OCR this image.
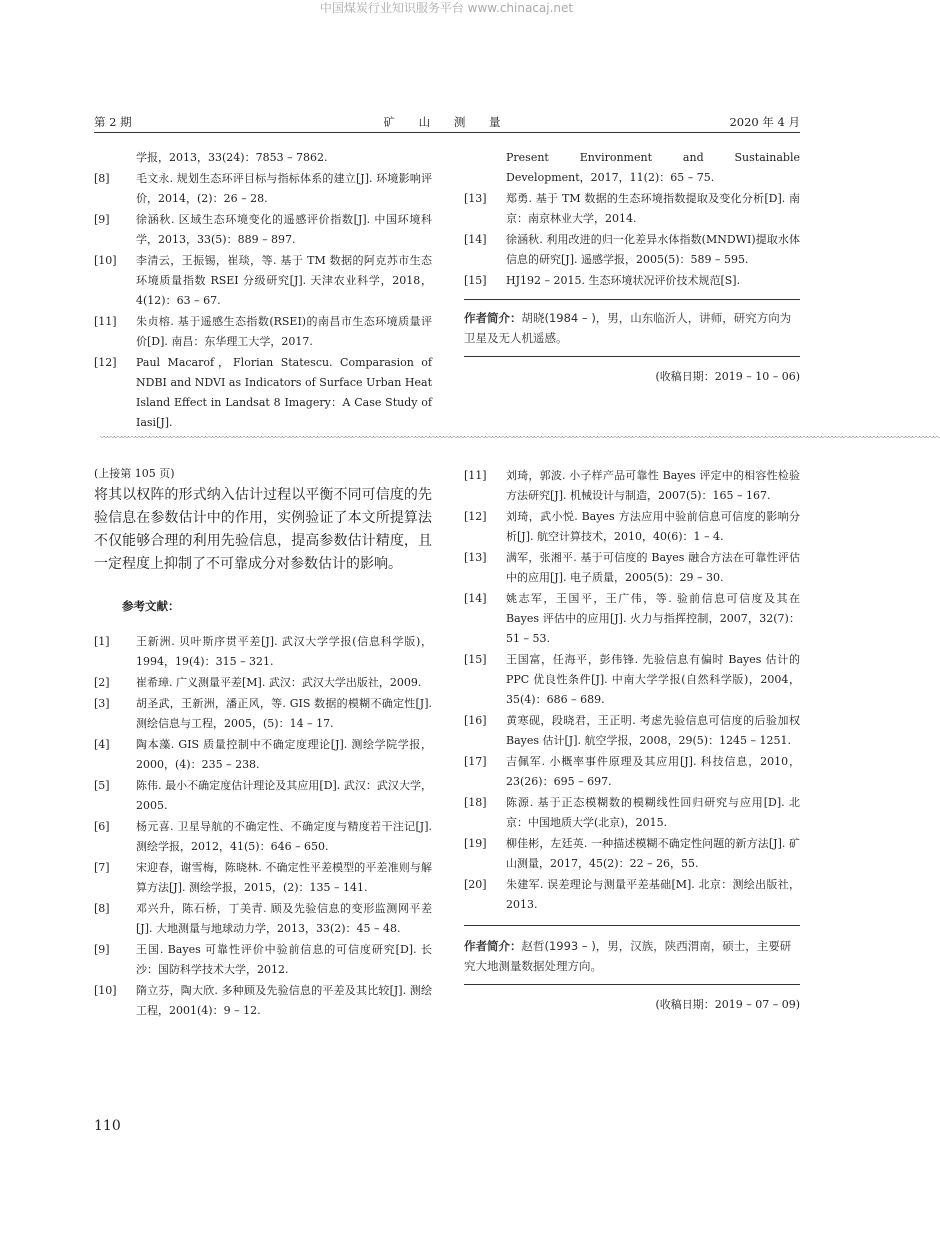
中国煤炭行业知识服务平台 www.chinacaj.net
第 2 期	矿 山 测 量	2020 年 4 月
学报，2013，33(24)：7853 – 7862.
[8] 毛文永. 规划生态环评目标与指标体系的建立[J]. 环境影响评价，2014，(2)：26 – 28.
[9] 徐涵秋. 区域生态环境变化的遥感评价指数[J]. 中国环境科学，2013，33(5)：889 – 897.
[10] 李清云，王振锡，崔琰，等. 基于 TM 数据的阿克苏市生态环境质量指数 RSEI 分级研究[J]. 天津农业科学，2018，4(12)：63 – 67.
[11] 朱贞榕. 基于遥感生态指数(RSEI)的南昌市生态环境质量评价[D]. 南昌：东华理工大学，2017.
[12] Paul Macarof，Florian Statescu. Comparasion of NDBI and NDVI as Indicators of Surface Urban Heat Island Effect in Landsat 8 Imagery：A Case Study of Iasi[J].
Present Environment and Sustainable Development，2017，11(2)：65 – 75.
[13] 郑勇. 基于 TM 数据的生态环境指数提取及变化分析[D]. 南京：南京林业大学，2014.
[14] 徐涵秋. 利用改进的归一化差异水体指数(MNDWI)提取水体信息的研究[J]. 遥感学报，2005(5)：589 – 595.
[15] HJ192 – 2015. 生态环境状况评价技术规范[S].
作者简介：胡晓(1984 – )，男，山东临沂人，讲师，研究方向为卫星及无人机遥感。
(收稿日期：2019 – 10 – 06)
〰〰〰〰〰〰〰〰〰〰〰〰〰〰〰〰〰〰〰〰〰〰〰〰〰〰〰〰〰〰〰〰〰〰〰〰〰〰〰〰〰〰〰〰〰〰〰〰〰〰〰〰〰〰〰〰〰〰〰〰〰〰〰〰〰〰〰〰〰〰〰〰〰〰〰〰〰〰〰〰〰〰〰〰〰〰〰〰〰〰〰〰〰〰〰〰〰〰〰〰〰〰〰〰〰〰〰〰〰〰〰〰〰〰〰〰〰〰〰〰
(上接第 105 页)
将其以权阵的形式纳入估计过程以平衡不同可信度的先验信息在参数估计中的作用，实例验证了本文所提算法不仅能够合理的利用先验信息，提高参数估计精度，且一定程度上抑制了不可靠成分对参数估计的影响。
参考文献：
[1] 王新洲. 贝叶斯序贯平差[J]. 武汉大学学报(信息科学版)，1994，19(4)：315 – 321.
[2] 崔希璋. 广义测量平差[M]. 武汉：武汉大学出版社，2009.
[3] 胡圣武，王新洲，潘正风，等. GIS 数据的模糊不确定性[J]. 测绘信息与工程，2005，(5)：14 – 17.
[4] 陶本藻. GIS 质量控制中不确定度理论[J]. 测绘学院学报，2000，(4)：235 – 238.
[5] 陈伟. 最小不确定度估计理论及其应用[D]. 武汉：武汉大学，2005.
[6] 杨元喜. 卫星导航的不确定性、不确定度与精度若干注记[J]. 测绘学报，2012，41(5)：646 – 650.
[7] 宋迎春，谢雪梅，陈晓林. 不确定性平差模型的平差准则与解算方法[J]. 测绘学报，2015，(2)：135 – 141.
[8] 邓兴升，陈石桥，丁美青. 顾及先验信息的变形监测网平差[J]. 大地测量与地球动力学，2013，33(2)：45 – 48.
[9] 王国. Bayes 可靠性评价中验前信息的可信度研究[D]. 长沙：国防科学技术大学，2012.
[10] 隋立芬，陶大欣. 多种顾及先验信息的平差及其比较[J]. 测绘工程，2001(4)：9 – 12.
[11] 刘琦，郭波. 小子样产品可靠性 Bayes 评定中的相容性检验方法研究[J]. 机械设计与制造，2007(5)：165 – 167.
[12] 刘琦，武小悦. Bayes 方法应用中验前信息可信度的影响分析[J]. 航空计算技术，2010，40(6)：1 – 4.
[13] 满军，张湘平. 基于可信度的 Bayes 融合方法在可靠性评估中的应用[J]. 电子质量，2005(5)：29 – 30.
[14] 姚志军，王国平，王广伟，等. 验前信息可信度及其在 Bayes 评估中的应用[J]. 火力与指挥控制，2007，32(7)：51 – 53.
[15] 王国富，任海平，彭伟锋. 先验信息有偏时 Bayes 估计的 PPC 优良性条件[J]. 中南大学学报(自然科学版)，2004，35(4)：686 – 689.
[16] 黄寒砚，段晓君，王正明. 考虑先验信息可信度的后验加权 Bayes 估计[J]. 航空学报，2008，29(5)：1245 – 1251.
[17] 吉佩军. 小概率事件原理及其应用[J]. 科技信息，2010，23(26)：695 – 697.
[18] 陈源. 基于正态模糊数的模糊线性回归研究与应用[D]. 北京：中国地质大学(北京)，2015.
[19] 柳佳彬，左廷英. 一种描述模糊不确定性问题的新方法[J]. 矿山测量，2017，45(2)：22 – 26，55.
[20] 朱建军. 误差理论与测量平差基础[M]. 北京：测绘出版社，2013.
作者简介：赵哲(1993 – )，男，汉族，陕西渭南，硕士，主要研究大地测量数据处理方向。
(收稿日期：2019 – 07 – 09)
110
